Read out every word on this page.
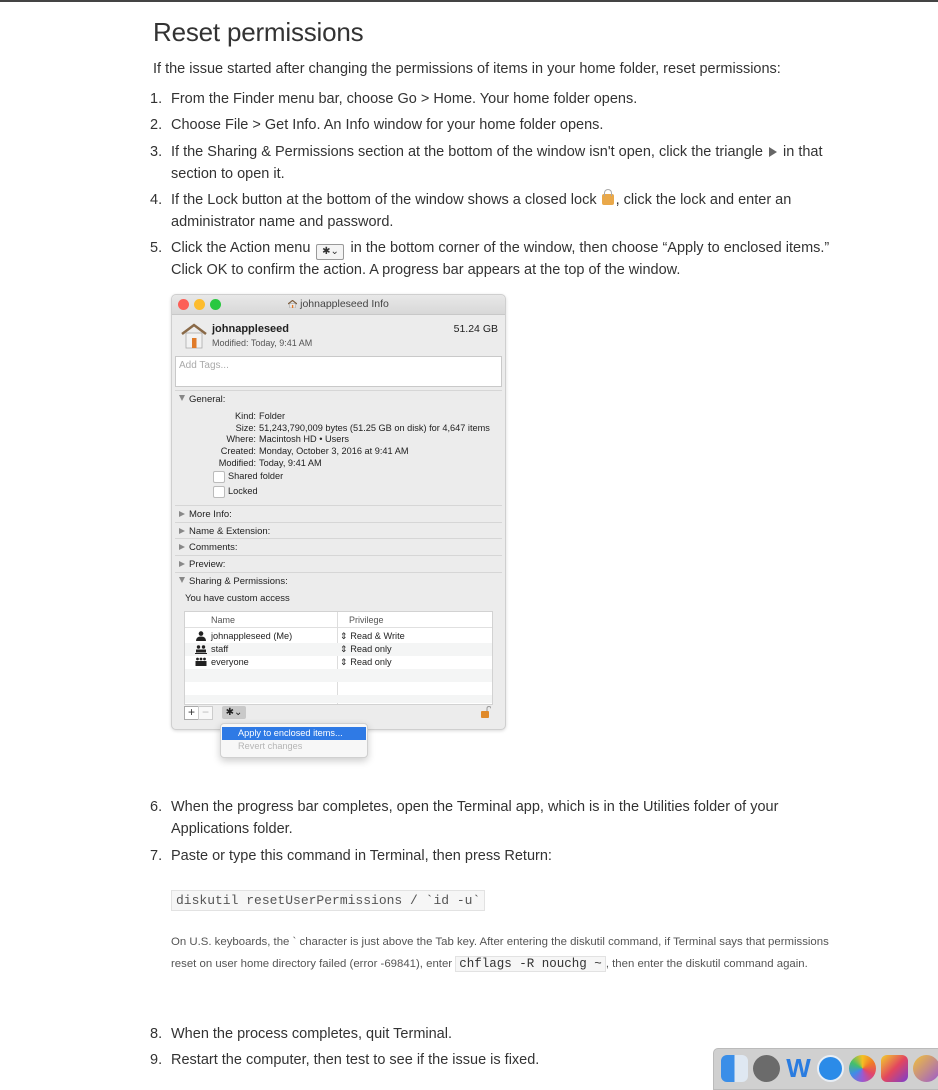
Reset permissions
If the issue started after changing the permissions of items in your home folder, reset permissions:
1. From the Finder menu bar, choose Go > Home. Your home folder opens.
2. Choose File > Get Info. An Info window for your home folder opens.
3. If the Sharing & Permissions section at the bottom of the window isn't open, click the triangle in that section to open it.
4. If the Lock button at the bottom of the window shows a closed lock , click the lock and enter an administrator name and password.
5. Click the Action menu ✱⌄ in the bottom corner of the window, then choose “Apply to enclosed items.” Click OK to confirm the action. A progress bar appears at the top of the window.
johnappleseed Info
johnappleseed
Modified: Today, 9:41 AM
51.24 GB
Add Tags...
General:
Kind: Folder
Size: 51,243,790,009 bytes (51.25 GB on disk) for 4,647 items
Where: Macintosh HD • Users
Created: Monday, October 3, 2016 at 9:41 AM
Modified: Today, 9:41 AM
Shared folder
Locked
More Info:
Name & Extension:
Comments:
Preview:
Sharing & Permissions:
You have custom access
Name	Privilege
johnappleseed (Me)	⇕ Read & Write
staff	⇕ Read only
everyone	⇕ Read only
+ −	✱⌄
Apply to enclosed items...
Revert changes
6. When the progress bar completes, open the Terminal app, which is in the Utilities folder of your Applications folder.
7. Paste or type this command in Terminal, then press Return:
diskutil resetUserPermissions / `id -u`
On U.S. keyboards, the ` character is just above the Tab key. After entering the diskutil command, if Terminal says that permissions reset on user home directory failed (error -69841), enter chflags -R nouchg ~ , then enter the diskutil command again.
8. When the process completes, quit Terminal.
9. Restart the computer, then test to see if the issue is fixed.	W
